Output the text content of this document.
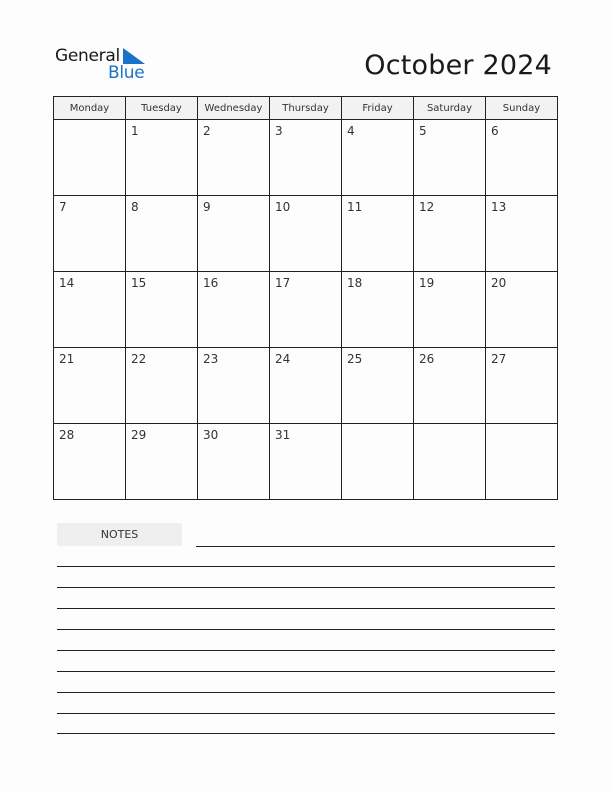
General
Blue	October 2024
Monday	Tuesday	Wednesday	Thursday	Friday	Saturday	Sunday

	1	2	3	4	5	6

7	8	9	10	11	12	13

14	15	16	17	18	19	20

21	22	23	24	25	26	27

28	29	30	31			

NOTES
